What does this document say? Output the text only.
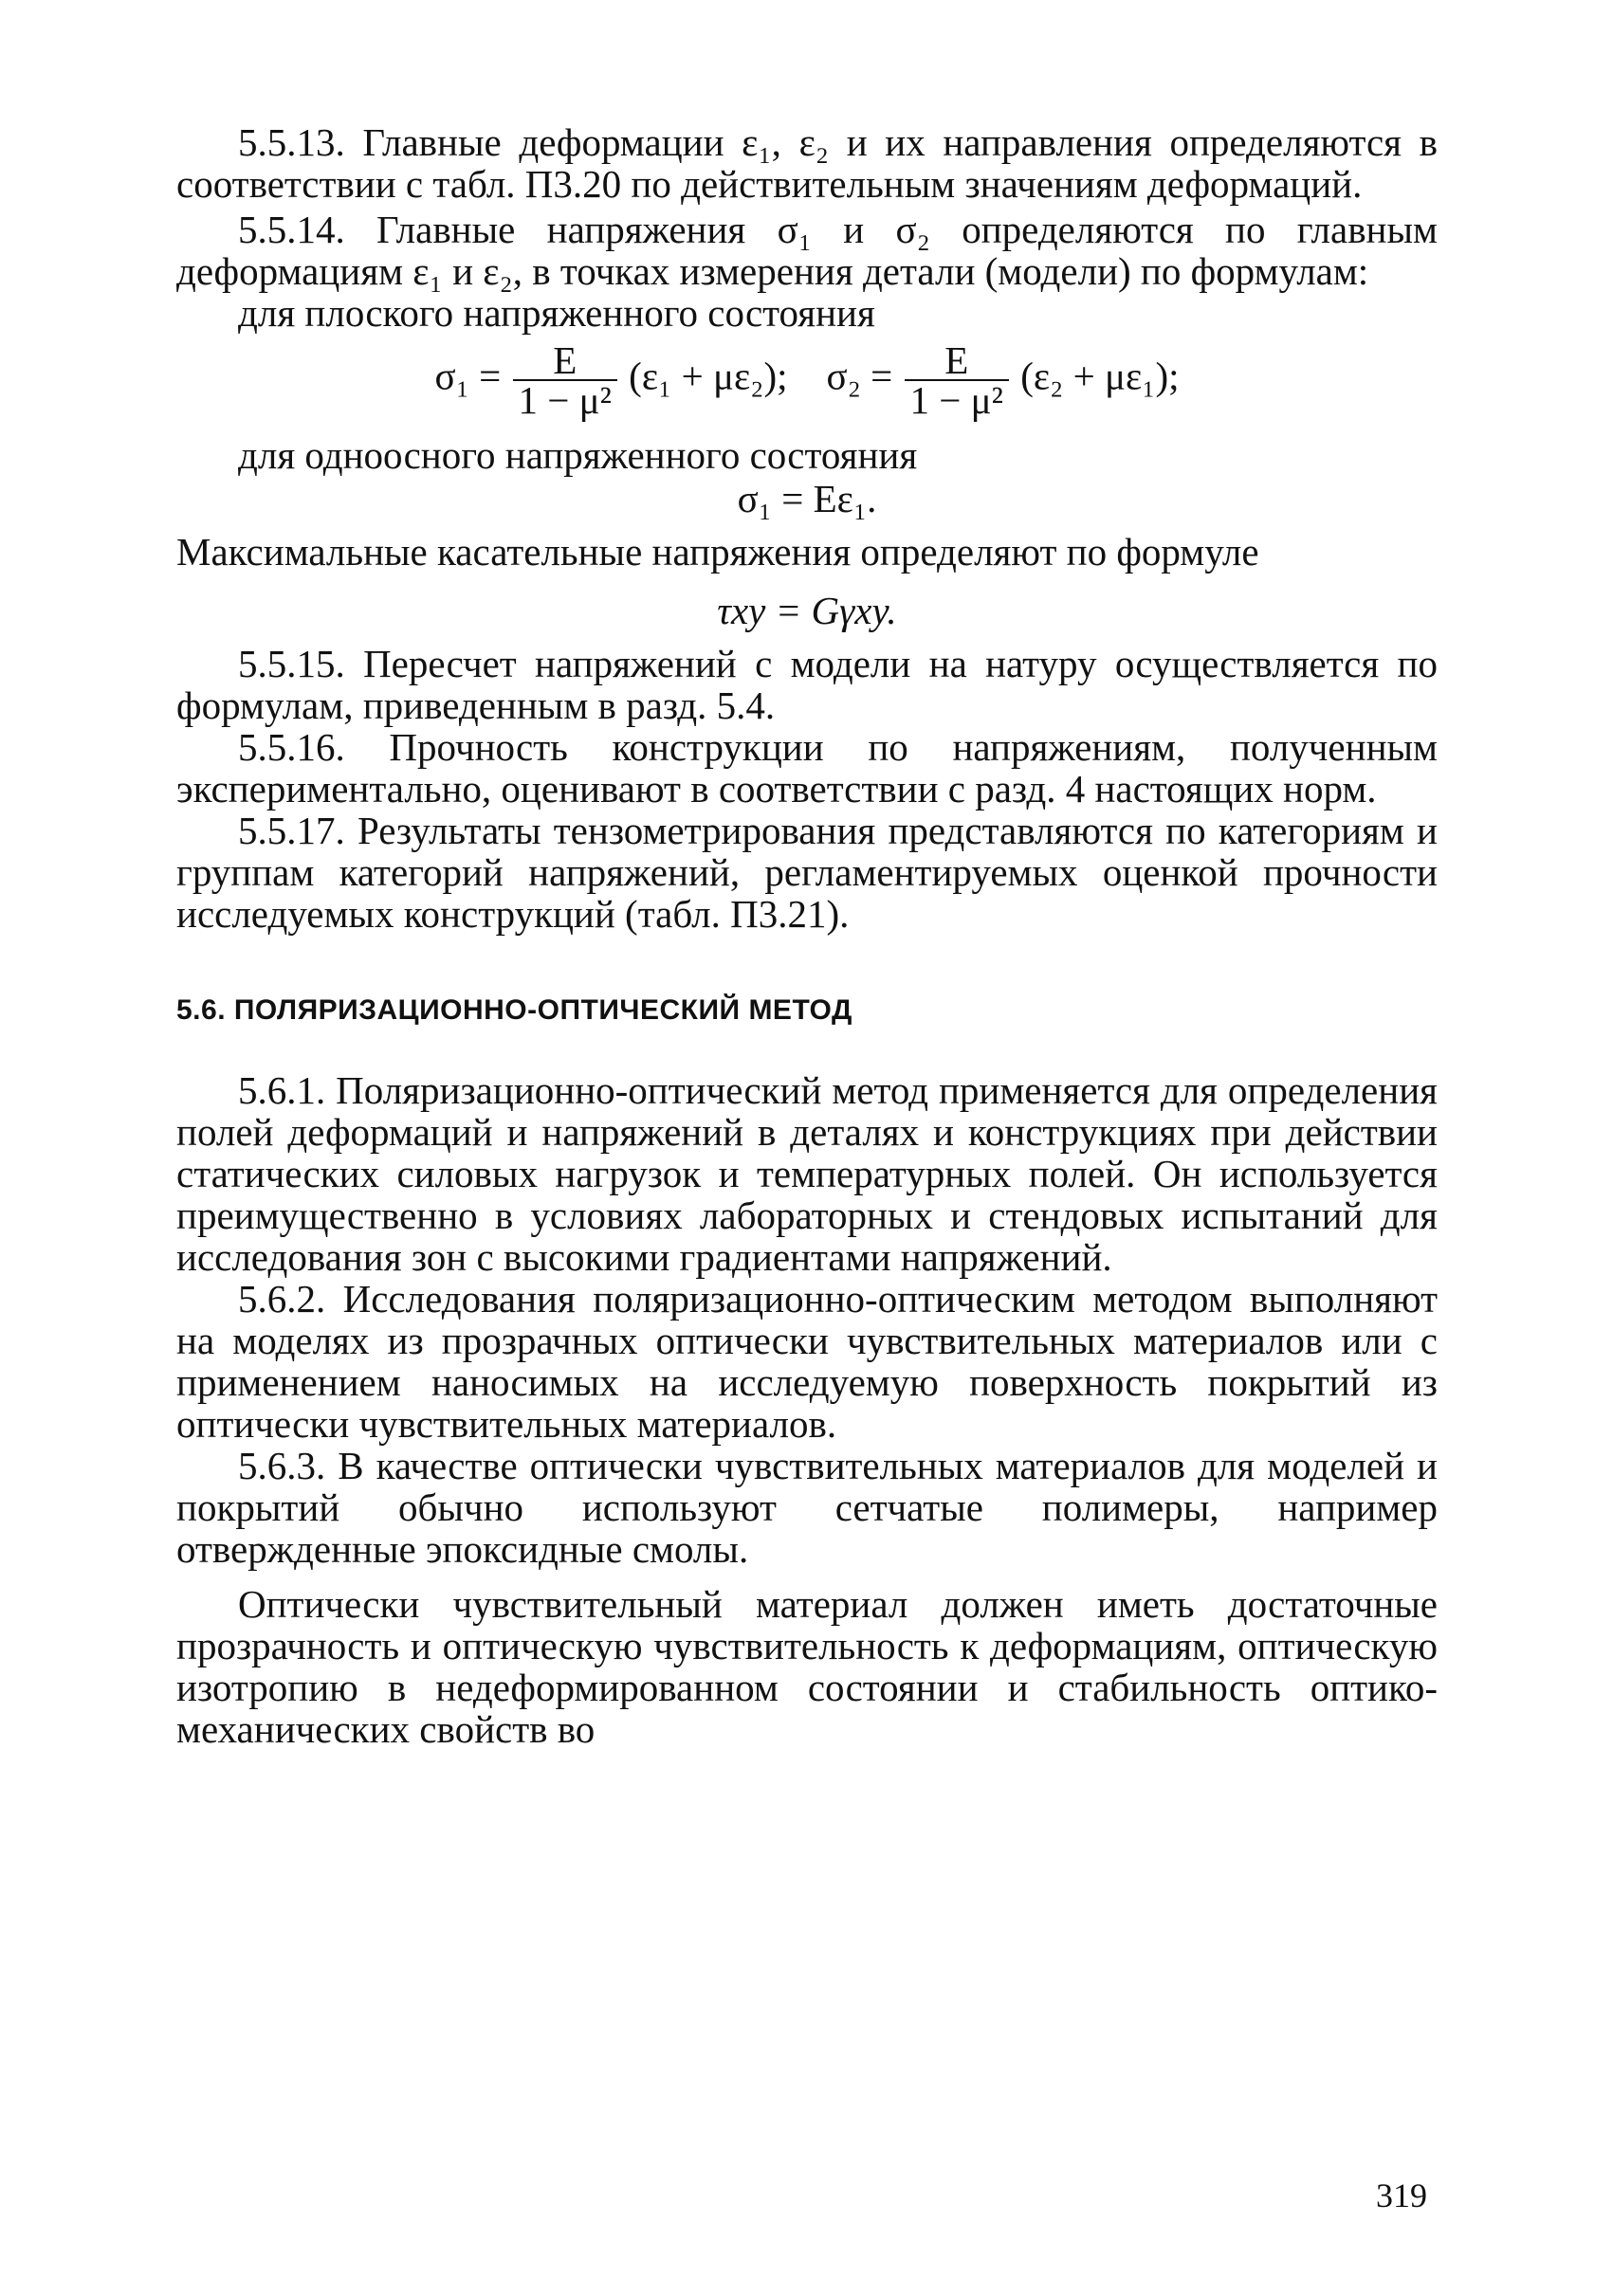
5.5.13. Главные деформации ε₁, ε₂ и их направления определяются в соответствии с табл. П3.20 по действительным значениям деформаций.

5.5.14. Главные напряжения σ₁ и σ₂ определяются по главным деформациям ε₁ и ε₂, в точках измерения детали (модели) по формулам:

для плоского напряженного состояния

$\sigma_1 = \frac{E}{\text{1 − μ²}} (\varepsilon_1 + \mu\varepsilon_2)$; $\sigma_2 = \frac{E}{\text{1 − μ²}} (\varepsilon_2 + \mu\varepsilon_1)$;

для одноосного напряженного состояния

σ₁ = Eε₁.

Максимальные касательные напряжения определяют по формуле

τxy = Gγxy.

5.5.15. Пересчет напряжений с модели на натуру осуществляется по формулам, приведенным в разд. 5.4.

5.5.16. Прочность конструкции по напряжениям, полученным экспериментально, оценивают в соответствии с разд. 4 настоящих норм.

5.5.17. Результаты тензометрирования представляются по категориям и группам категорий напряжений, регламентируемых оценкой прочности исследуемых конструкций (табл. П3.21).

5.6. ПОЛЯРИЗАЦИОННО-ОПТИЧЕСКИЙ МЕТОД

5.6.1. Поляризационно-оптический метод применяется для определения полей деформаций и напряжений в деталях и конструкциях при действии статических силовых нагрузок и температурных полей. Он используется преимущественно в условиях лабораторных и стендовых испытаний для исследования зон с высокими градиентами напряжений.

5.6.2. Исследования поляризационно-оптическим методом выполняют на моделях из прозрачных оптически чувствительных материалов или с применением наносимых на исследуемую поверхность покрытий из оптически чувствительных материалов.

5.6.3. В качестве оптически чувствительных материалов для моделей и покрытий обычно используют сетчатые полимеры, например отвержденные эпоксидные смолы.

Оптически чувствительный материал должен иметь достаточные прозрачность и оптическую чувствительность к деформациям, оптическую изотропию в недеформированном состоянии и стабильность оптико-механических свойств во

319
